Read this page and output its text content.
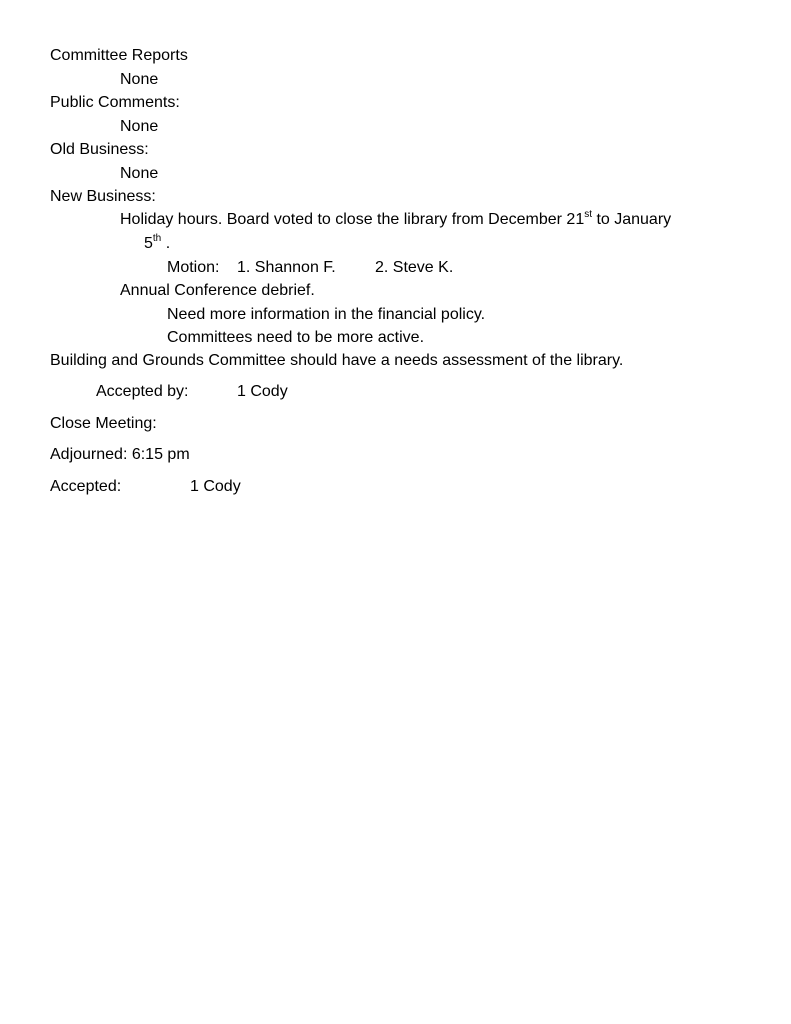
Committee Reports
None
Public Comments:
None
Old Business:
None
New Business:
Holiday hours. Board voted to close the library from December 21st to January
5th .
Motion: 1. Shannon F. 2. Steve K.
Annual Conference debrief.
Need more information in the financial policy.
Committees need to be more active.
Building and Grounds Committee should have a needs assessment of the library.
Accepted by:	1 Cody
Close Meeting:
Adjourned: 6:15 pm
Accepted:	1 Cody
